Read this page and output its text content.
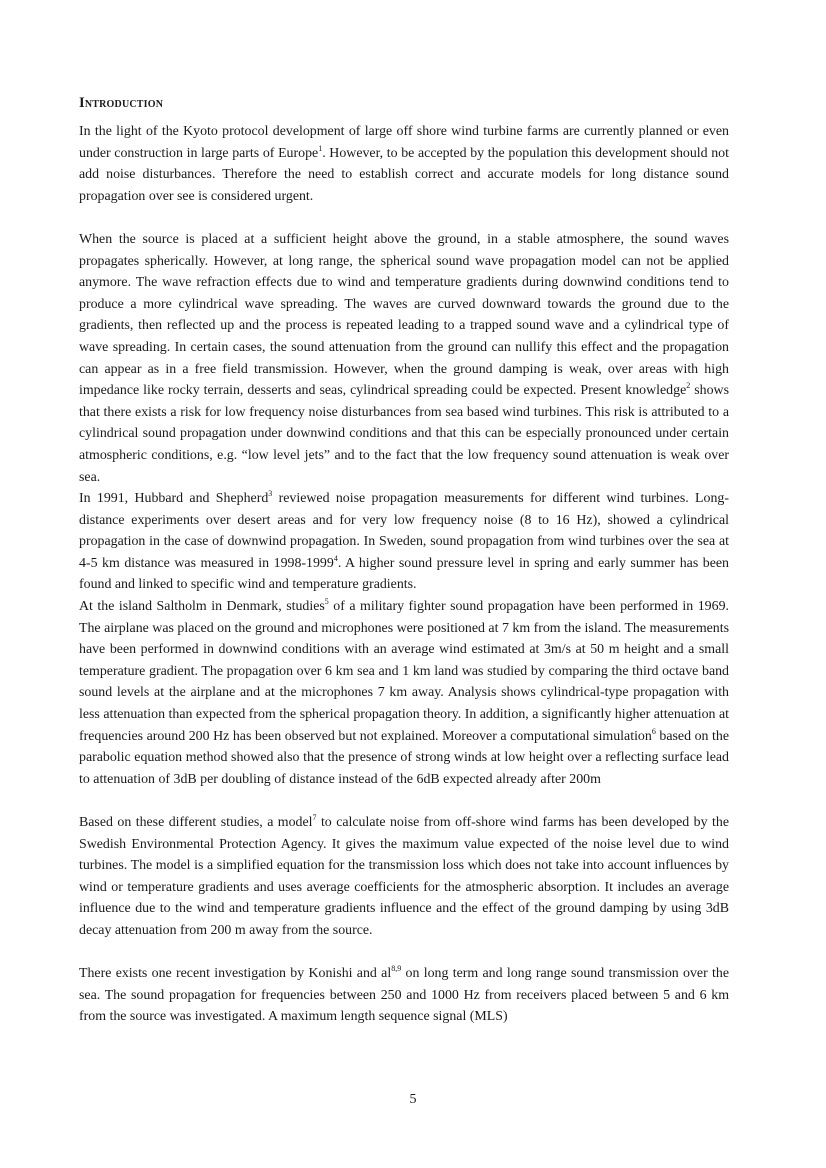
Introduction

In the light of the Kyoto protocol development of large off shore wind turbine farms are currently planned or even under construction in large parts of Europe$^1$. However, to be accepted by the population this development should not add noise disturbances. Therefore the need to establish correct and accurate models for long distance sound propagation over see is considered urgent.

When the source is placed at a sufficient height above the ground, in a stable atmosphere, the sound waves propagates spherically. However, at long range, the spherical sound wave propagation model can not be applied anymore. The wave refraction effects due to wind and temperature gradients during downwind conditions tend to produce a more cylindrical wave spreading. The waves are curved downward towards the ground due to the gradients, then reflected up and the process is repeated leading to a trapped sound wave and a cylindrical type of wave spreading. In certain cases, the sound attenuation from the ground can nullify this effect and the propagation can appear as in a free field transmission. However, when the ground damping is weak, over areas with high impedance like rocky terrain, desserts and seas, cylindrical spreading could be expected. Present knowledge$^2$ shows that there exists a risk for low frequency noise disturbances from sea based wind turbines. This risk is attributed to a cylindrical sound propagation under downwind conditions and that this can be especially pronounced under certain atmospheric conditions, e.g. “low level jets” and to the fact that the low frequency sound attenuation is weak over sea.

In 1991, Hubbard and Shepherd$^3$ reviewed noise propagation measurements for different wind turbines. Long-distance experiments over desert areas and for very low frequency noise (8 to 16 Hz), showed a cylindrical propagation in the case of downwind propagation. In Sweden, sound propagation from wind turbines over the sea at 4-5 km distance was measured in 1998-1999$^4$. A higher sound pressure level in spring and early summer has been found and linked to specific wind and temperature gradients.

At the island Saltholm in Denmark, studies$^5$ of a military fighter sound propagation have been performed in 1969. The airplane was placed on the ground and microphones were positioned at 7 km from the island. The measurements have been performed in downwind conditions with an average wind estimated at 3m/s at 50 m height and a small temperature gradient. The propagation over 6 km sea and 1 km land was studied by comparing the third octave band sound levels at the airplane and at the microphones 7 km away. Analysis shows cylindrical-type propagation with less attenuation than expected from the spherical propagation theory. In addition, a significantly higher attenuation at frequencies around 200 Hz has been observed but not explained. Moreover a computational simulation$^6$ based on the parabolic equation method showed also that the presence of strong winds at low height over a reflecting surface lead to attenuation of 3dB per doubling of distance instead of the 6dB expected already after 200m

Based on these different studies, a model$^7$ to calculate noise from off-shore wind farms has been developed by the Swedish Environmental Protection Agency. It gives the maximum value expected of the noise level due to wind turbines. The model is a simplified equation for the transmission loss which does not take into account influences by wind or temperature gradients and uses average coefficients for the atmospheric absorption. It includes an average influence due to the wind and temperature gradients influence and the effect of the ground damping by using 3dB decay attenuation from 200 m away from the source.

There exists one recent investigation by Konishi and al$^{8,9}$ on long term and long range sound transmission over the sea. The sound propagation for frequencies between 250 and 1000 Hz from receivers placed between 5 and 6 km from the source was investigated. A maximum length sequence signal (MLS)

5
